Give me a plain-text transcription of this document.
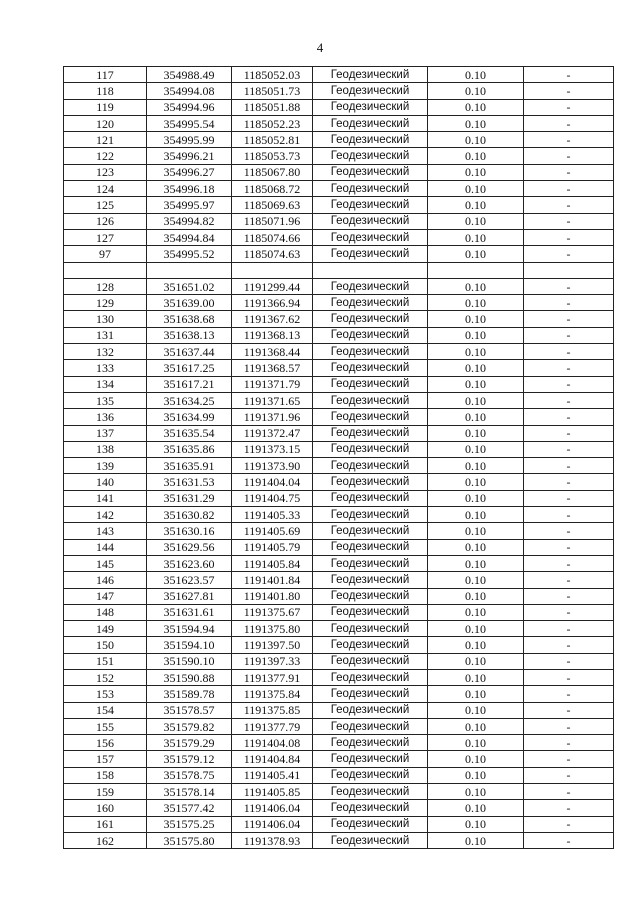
4
117	354988.49	1185052.03	Геодезический	0.10	-
118	354994.08	1185051.73	Геодезический	0.10	-
119	354994.96	1185051.88	Геодезический	0.10	-
120	354995.54	1185052.23	Геодезический	0.10	-
121	354995.99	1185052.81	Геодезический	0.10	-
122	354996.21	1185053.73	Геодезический	0.10	-
123	354996.27	1185067.80	Геодезический	0.10	-
124	354996.18	1185068.72	Геодезический	0.10	-
125	354995.97	1185069.63	Геодезический	0.10	-
126	354994.82	1185071.96	Геодезический	0.10	-
127	354994.84	1185074.66	Геодезический	0.10	-
97	354995.52	1185074.63	Геодезический	0.10	-

128	351651.02	1191299.44	Геодезический	0.10	-
129	351639.00	1191366.94	Геодезический	0.10	-
130	351638.68	1191367.62	Геодезический	0.10	-
131	351638.13	1191368.13	Геодезический	0.10	-
132	351637.44	1191368.44	Геодезический	0.10	-
133	351617.25	1191368.57	Геодезический	0.10	-
134	351617.21	1191371.79	Геодезический	0.10	-
135	351634.25	1191371.65	Геодезический	0.10	-
136	351634.99	1191371.96	Геодезический	0.10	-
137	351635.54	1191372.47	Геодезический	0.10	-
138	351635.86	1191373.15	Геодезический	0.10	-
139	351635.91	1191373.90	Геодезический	0.10	-
140	351631.53	1191404.04	Геодезический	0.10	-
141	351631.29	1191404.75	Геодезический	0.10	-
142	351630.82	1191405.33	Геодезический	0.10	-
143	351630.16	1191405.69	Геодезический	0.10	-
144	351629.56	1191405.79	Геодезический	0.10	-
145	351623.60	1191405.84	Геодезический	0.10	-
146	351623.57	1191401.84	Геодезический	0.10	-
147	351627.81	1191401.80	Геодезический	0.10	-
148	351631.61	1191375.67	Геодезический	0.10	-
149	351594.94	1191375.80	Геодезический	0.10	-
150	351594.10	1191397.50	Геодезический	0.10	-
151	351590.10	1191397.33	Геодезический	0.10	-
152	351590.88	1191377.91	Геодезический	0.10	-
153	351589.78	1191375.84	Геодезический	0.10	-
154	351578.57	1191375.85	Геодезический	0.10	-
155	351579.82	1191377.79	Геодезический	0.10	-
156	351579.29	1191404.08	Геодезический	0.10	-
157	351579.12	1191404.84	Геодезический	0.10	-
158	351578.75	1191405.41	Геодезический	0.10	-
159	351578.14	1191405.85	Геодезический	0.10	-
160	351577.42	1191406.04	Геодезический	0.10	-
161	351575.25	1191406.04	Геодезический	0.10	-
162	351575.80	1191378.93	Геодезический	0.10	-
